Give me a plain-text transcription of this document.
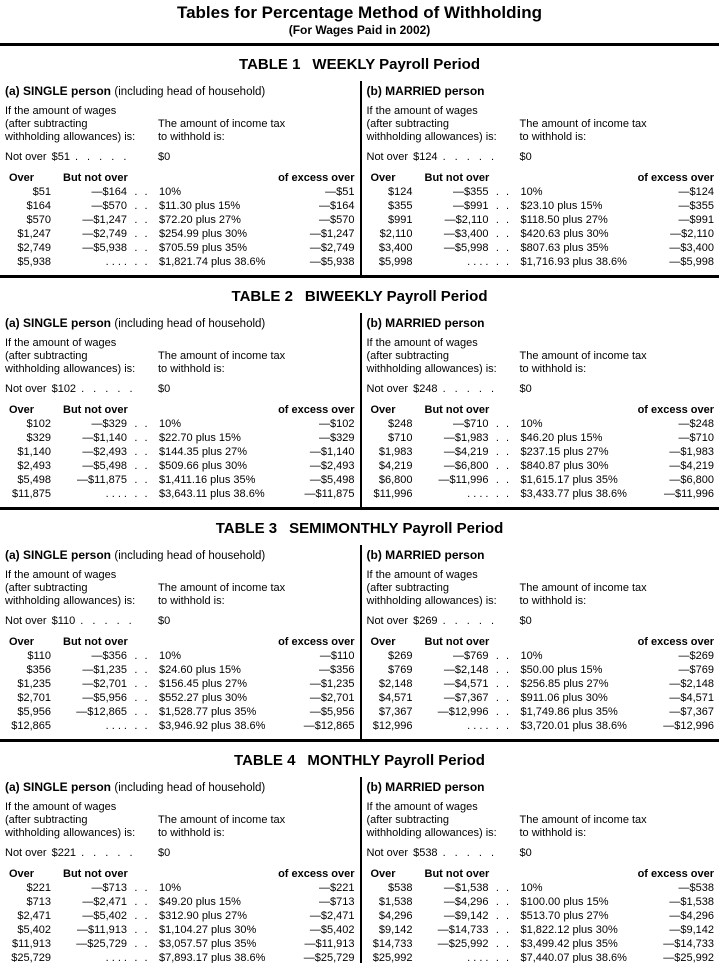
Tables for Percentage Method of Withholding
(For Wages Paid in 2002)
TABLE 1 WEEKLY Payroll Period
(a) SINGLE person (including head of household)
If the amount of wages
(after subtracting
withholding allowances) is:
The amount of income tax
to withhold is:
Not over $51 . . . . .	$0
Over	But not over	of excess over
$51	—$164 . . 10%	—$51
$164	—$570 . . $11.30 plus 15%	—$164
$570	—$1,247 . . $72.20 plus 27%	—$570
$1,247	—$2,749 . . $254.99 plus 30%	—$1,247
$2,749	—$5,938 . . $705.59 plus 35%	—$2,749
$5,938	. . . . . . $1,821.74 plus 38.6%	—$5,938
(b) MARRIED person
If the amount of wages
(after subtracting
withholding allowances) is:
The amount of income tax
to withhold is:
Not over $124 . . . . . $0
Over	But not over	of excess over
$124	—$355 . . 10%	—$124
$355	—$991 . . $23.10 plus 15%	—$355
$991	—$2,110 . . $118.50 plus 27%	—$991
$2,110	—$3,400 . . $420.63 plus 30%	—$2,110
$3,400	—$5,998 . . $807.63 plus 35%	—$3,400
$5,998	. . . . . . $1,716.93 plus 38.6%	—$5,998
TABLE 2 BIWEEKLY Payroll Period
(a) SINGLE person (including head of household)
If the amount of wages
(after subtracting
withholding allowances) is:
The amount of income tax
to withhold is:
Not over $102 . . . . . $0
Over	But not over	of excess over
$102	—$329 . . 10%	—$102
$329	—$1,140 . . $22.70 plus 15%	—$329
$1,140	—$2,493 . . $144.35 plus 27%	—$1,140
$2,493	—$5,498 . . $509.66 plus 30%	—$2,493
$5,498	—$11,875 . . $1,411.16 plus 35%	—$5,498
$11,875	. . . . . . $3,643.11 plus 38.6%	—$11,875
(b) MARRIED person
If the amount of wages
(after subtracting
withholding allowances) is:
The amount of income tax
to withhold is:
Not over $248 . . . . . $0
Over	But not over	of excess over
$248	—$710 . . 10%	—$248
$710	—$1,983 . . $46.20 plus 15%	—$710
$1,983	—$4,219 . . $237.15 plus 27%	—$1,983
$4,219	—$6,800 . . $840.87 plus 30%	—$4,219
$6,800	—$11,996 . . $1,615.17 plus 35%	—$6,800
$11,996	. . . . . . $3,433.77 plus 38.6%	—$11,996
TABLE 3 SEMIMONTHLY Payroll Period
(a) SINGLE person (including head of household)
If the amount of wages
(after subtracting
withholding allowances) is:
The amount of income tax
to withhold is:
Not over $110 . . . . . $0
Over	But not over	of excess over
$110	—$356 . . 10%	—$110
$356	—$1,235 . . $24.60 plus 15%	—$356
$1,235	—$2,701 . . $156.45 plus 27%	—$1,235
$2,701	—$5,956 . . $552.27 plus 30%	—$2,701
$5,956	—$12,865 . . $1,528.77 plus 35%	—$5,956
$12,865	. . . . . . $3,946.92 plus 38.6%	—$12,865
(b) MARRIED person
If the amount of wages
(after subtracting
withholding allowances) is:
The amount of income tax
to withhold is:
Not over $269 . . . . . $0
Over	But not over	of excess over
$269	—$769 . . 10%	—$269
$769	—$2,148 . . $50.00 plus 15%	—$769
$2,148	—$4,571 . . $256.85 plus 27%	—$2,148
$4,571	—$7,367 . . $911.06 plus 30%	—$4,571
$7,367	—$12,996 . . $1,749.86 plus 35%	—$7,367
$12,996	. . . . . . $3,720.01 plus 38.6%	—$12,996
TABLE 4 MONTHLY Payroll Period
(a) SINGLE person (including head of household)
If the amount of wages
(after subtracting
withholding allowances) is:
The amount of income tax
to withhold is:
Not over $221 . . . . . $0
Over	But not over	of excess over
$221	—$713 . . 10%	—$221
$713	—$2,471 . . $49.20 plus 15%	—$713
$2,471	—$5,402 . . $312.90 plus 27%	—$2,471
$5,402	—$11,913 . . $1,104.27 plus 30%	—$5,402
$11,913	—$25,729 . . $3,057.57 plus 35%	—$11,913
$25,729	. . . . . . $7,893.17 plus 38.6%	—$25,729
(b) MARRIED person
If the amount of wages
(after subtracting
withholding allowances) is:
The amount of income tax
to withhold is:
Not over $538 . . . . . $0
Over	But not over	of excess over
$538	—$1,538 . . 10%	—$538
$1,538	—$4,296 . . $100.00 plus 15%	—$1,538
$4,296	—$9,142 . . $513.70 plus 27%	—$4,296
$9,142	—$14,733 . . $1,822.12 plus 30%	—$9,142
$14,733	—$25,992 . . $3,499.42 plus 35%	—$14,733
$25,992	. . . . . . $7,440.07 plus 38.6%	—$25,992
